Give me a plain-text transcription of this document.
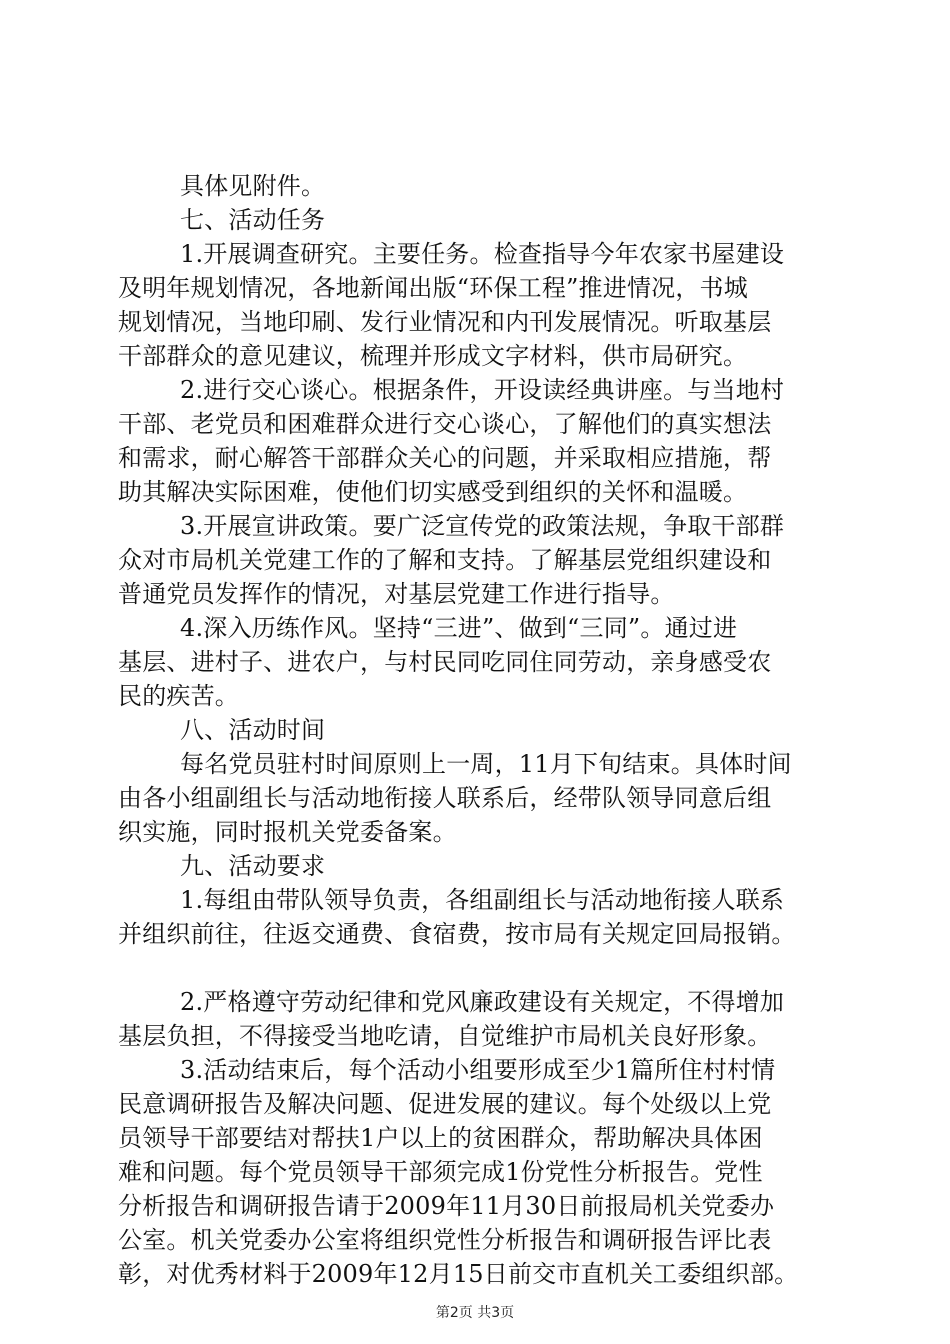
具体见附件。
七、活动任务
1.开展调查研究。主要任务。检查指导今年农家书屋建设
及明年规划情况，各地新闻出版“环保工程”推进情况，书城
规划情况，当地印刷、发行业情况和内刊发展情况。听取基层
干部群众的意见建议，梳理并形成文字材料，供市局研究。
2.进行交心谈心。根据条件，开设读经典讲座。与当地村
干部、老党员和困难群众进行交心谈心，了解他们的真实想法
和需求，耐心解答干部群众关心的问题，并采取相应措施，帮
助其解决实际困难，使他们切实感受到组织的关怀和温暖。
3.开展宣讲政策。要广泛宣传党的政策法规，争取干部群
众对市局机关党建工作的了解和支持。了解基层党组织建设和
普通党员发挥作的情况，对基层党建工作进行指导。
4.深入历练作风。坚持“三进”、做到“三同”。通过进
基层、进村子、进农户，与村民同吃同住同劳动，亲身感受农
民的疾苦。
八、活动时间
每名党员驻村时间原则上一周，11月下旬结束。具体时间
由各小组副组长与活动地衔接人联系后，经带队领导同意后组
织实施，同时报机关党委备案。
九、活动要求
1.每组由带队领导负责，各组副组长与活动地衔接人联系
并组织前往，往返交通费、食宿费，按市局有关规定回局报销。
2.严格遵守劳动纪律和党风廉政建设有关规定，不得增加
基层负担，不得接受当地吃请，自觉维护市局机关良好形象。
3.活动结束后，每个活动小组要形成至少1篇所住村村情
民意调研报告及解决问题、促进发展的建议。每个处级以上党
员领导干部要结对帮扶1户以上的贫困群众，帮助解决具体困
难和问题。每个党员领导干部须完成1份党性分析报告。党性
分析报告和调研报告请于2009年11月30日前报局机关党委办
公室。机关党委办公室将组织党性分析报告和调研报告评比表
彰，对优秀材料于2009年12月15日前交市直机关工委组织部。
第2页 共3页
